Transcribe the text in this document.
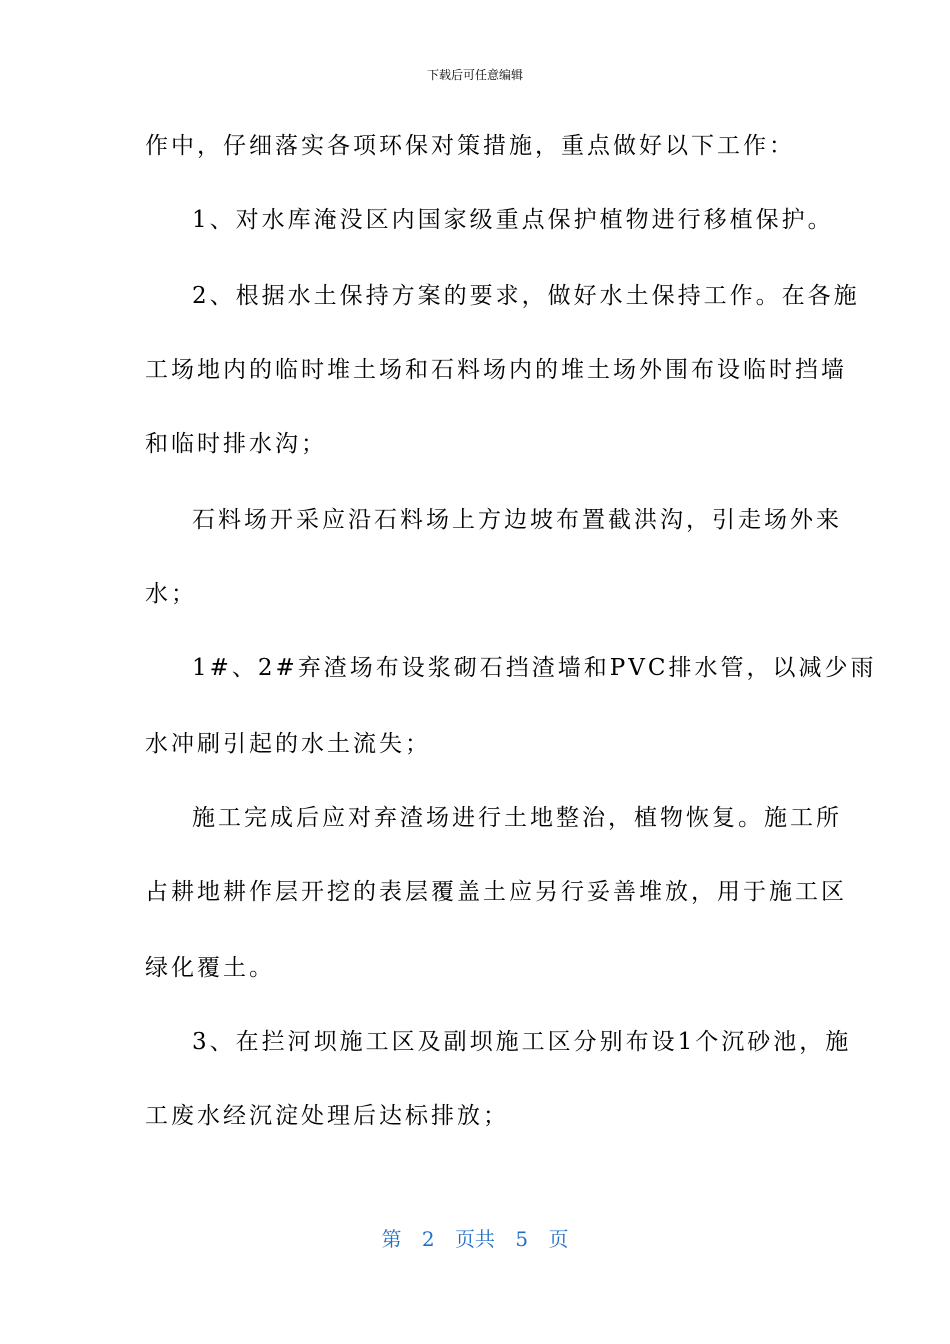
下载后可任意编辑
作中，仔细落实各项环保对策措施，重点做好以下工作：
1、对水库淹没区内国家级重点保护植物进行移植保护。
2、根据水土保持方案的要求，做好水土保持工作。在各施
工场地内的临时堆土场和石料场内的堆土场外围布设临时挡墙
和临时排水沟；
石料场开采应沿石料场上方边坡布置截洪沟，引走场外来
水；
1#、2#弃渣场布设浆砌石挡渣墙和PVC排水管，以减少雨
水冲刷引起的水土流失；
施工完成后应对弃渣场进行土地整治，植物恢复。施工所
占耕地耕作层开挖的表层覆盖土应另行妥善堆放，用于施工区
绿化覆土。
3、在拦河坝施工区及副坝施工区分别布设1个沉砂池，施
工废水经沉淀处理后达标排放；
第 2 页共 5 页
